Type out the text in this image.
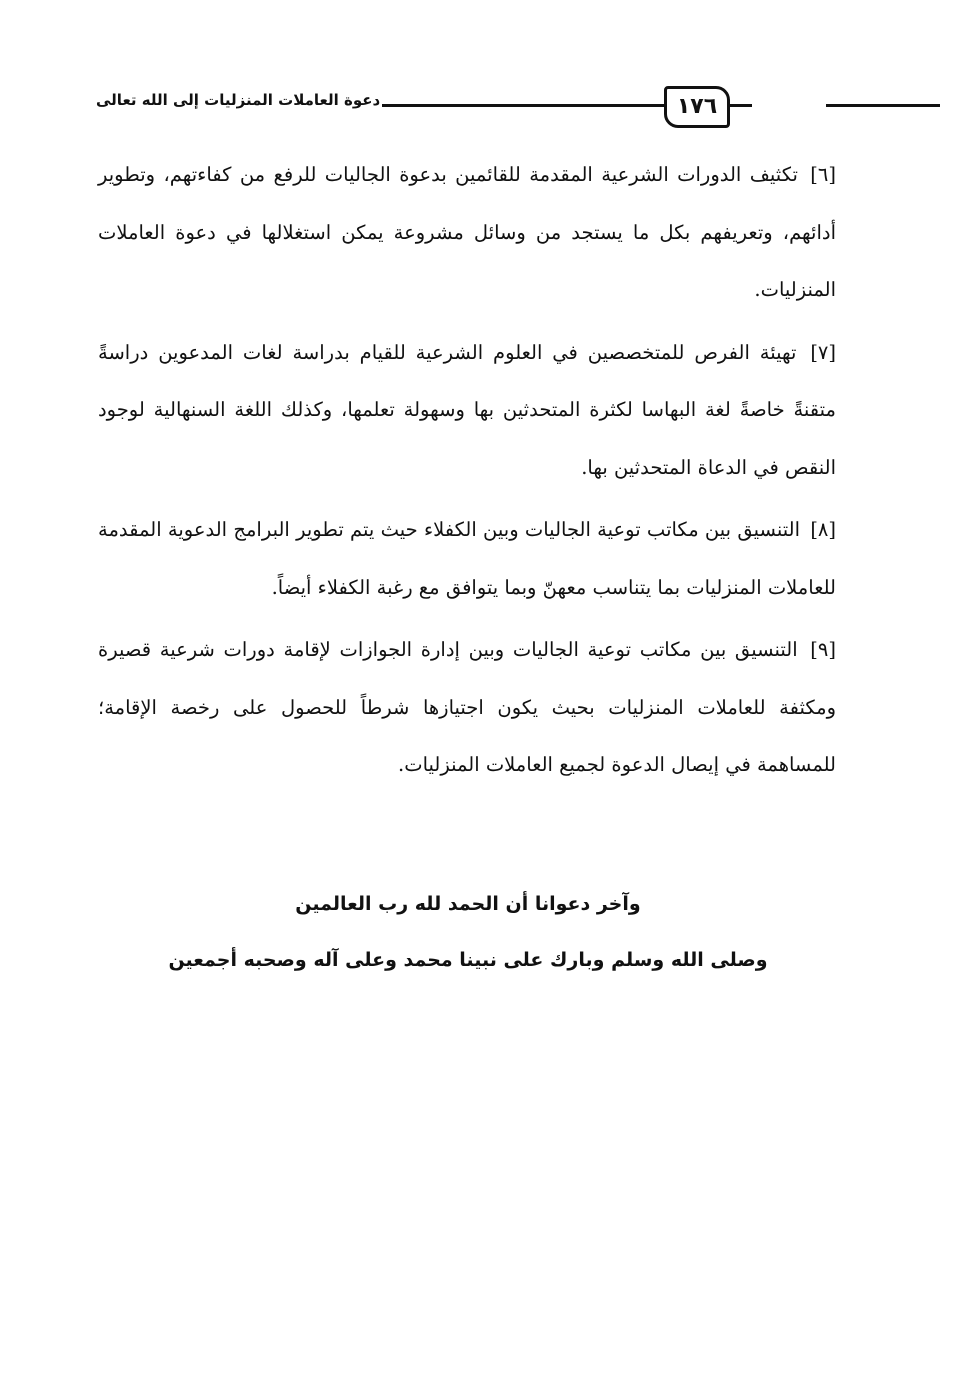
دعوة العاملات المنزليات إلى الله تعالى	١٧٦

[٦] تكثيف الدورات الشرعية المقدمة للقائمين بدعوة الجاليات للرفع من كفاءتهم، وتطوير أدائهم، وتعريفهم بكل ما يستجد من وسائل مشروعة يمكن استغلالها في دعوة العاملات المنزليات.

[٧] تهيئة الفرص للمتخصصين في العلوم الشرعية للقيام بدراسة لغات المدعوين دراسةً متقنةً خاصةً لغة البهاسا لكثرة المتحدثين بها وسهولة تعلمها، وكذلك اللغة السنهالية لوجود النقص في الدعاة المتحدثين بها.

[٨] التنسيق بين مكاتب توعية الجاليات وبين الكفلاء حيث يتم تطوير البرامج الدعوية المقدمة للعاملات المنزليات بما يتناسب معهنّ وبما يتوافق مع رغبة الكفلاء أيضاً.

[٩] التنسيق بين مكاتب توعية الجاليات وبين إدارة الجوازات لإقامة دورات شرعية قصيرة ومكثفة للعاملات المنزليات بحيث يكون اجتيازها شرطاً للحصول على رخصة الإقامة؛ للمساهمة في إيصال الدعوة لجميع العاملات المنزليات.

وآخر دعوانا أن الحمد لله رب العالمين
وصلى الله وسلم وبارك على نبينا محمد وعلى آله وصحبه أجمعين
